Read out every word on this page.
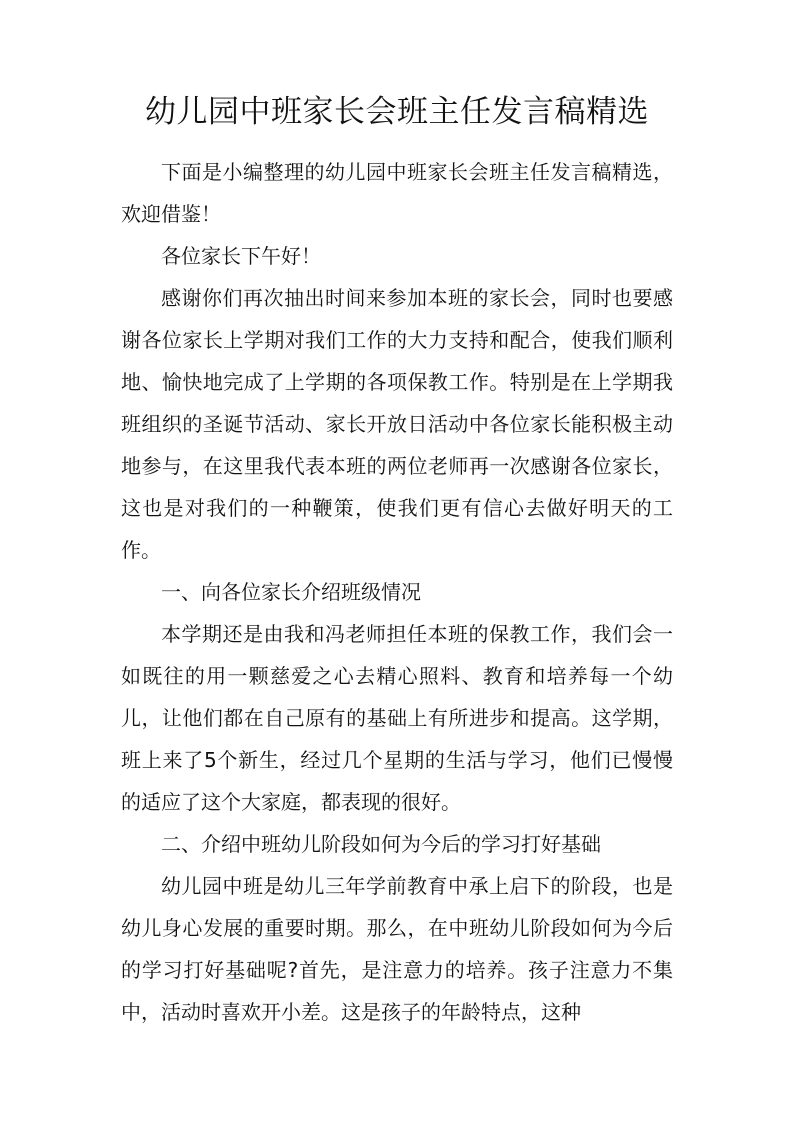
幼儿园中班家长会班主任发言稿精选

下面是小编整理的幼儿园中班家长会班主任发言稿精选，欢迎借鉴！

各位家长下午好！

感谢你们再次抽出时间来参加本班的家长会，同时也要感谢各位家长上学期对我们工作的大力支持和配合，使我们顺利地、愉快地完成了上学期的各项保教工作。特别是在上学期我班组织的圣诞节活动、家长开放日活动中各位家长能积极主动地参与，在这里我代表本班的两位老师再一次感谢各位家长，这也是对我们的一种鞭策，使我们更有信心去做好明天的工作。

一、向各位家长介绍班级情况

本学期还是由我和冯老师担任本班的保教工作，我们会一如既往的用一颗慈爱之心去精心照料、教育和培养每一个幼儿，让他们都在自己原有的基础上有所进步和提高。这学期，班上来了5个新生，经过几个星期的生活与学习，他们已慢慢的适应了这个大家庭，都表现的很好。

二、介绍中班幼儿阶段如何为今后的学习打好基础

幼儿园中班是幼儿三年学前教育中承上启下的阶段，也是幼儿身心发展的重要时期。那么，在中班幼儿阶段如何为今后的学习打好基础呢?首先，是注意力的培养。孩子注意力不集中，活动时喜欢开小差。这是孩子的年龄特点，这种
